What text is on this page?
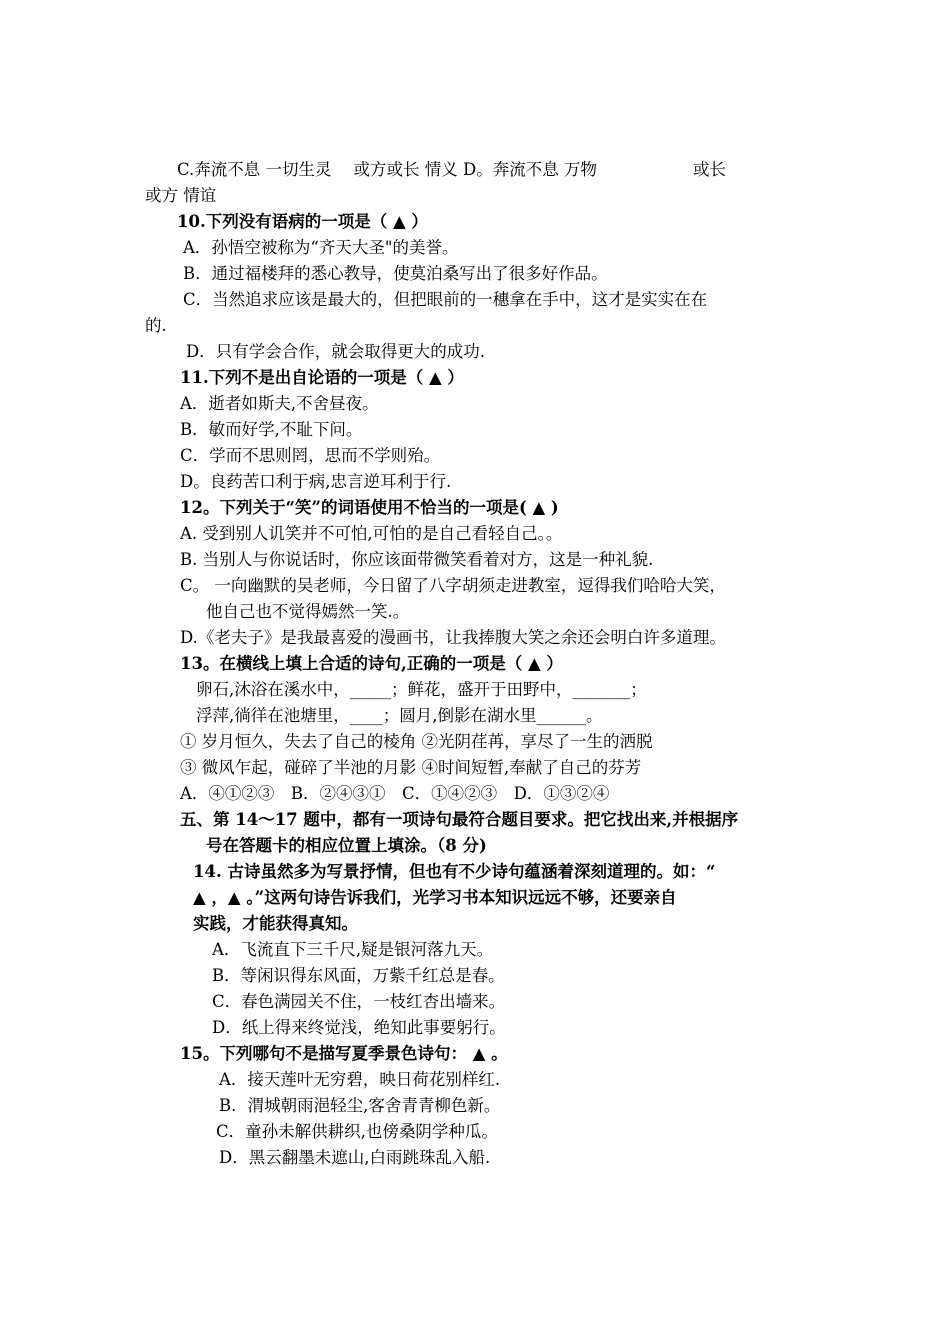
C.奔流不息 一切生灵 或方或长 情义 D。奔流不息 万物	或长
或方 情谊
10.下列没有语病的一项是（ ▲ ）
A．孙悟空被称为“齐天大圣"的美誉。
B．通过福楼拜的悉心教导，使莫泊桑写出了很多好作品。
C．当然追求应该是最大的，但把眼前的一穗拿在手中，这才是实实在在
的.
D．只有学会合作，就会取得更大的成功.
11.下列不是出自论语的一项是（ ▲ ）
A．逝者如斯夫,不舍昼夜。
B．敏而好学,不耻下问。
C．学而不思则罔，思而不学则殆。
D。良药苦口利于病,忠言逆耳利于行.
12。下列关于“笑”的词语使用不恰当的一项是( ▲ )
A. 受到别人讥笑并不可怕,可怕的是自己看轻自己。。
B. 当别人与你说话时，你应该面带微笑看着对方，这是一种礼貌.
C。 一向幽默的吴老师，今日留了八字胡须走进教室，逗得我们哈哈大笑，
他自己也不觉得嫣然一笑.。
D.《老夫子》是我最喜爱的漫画书，让我捧腹大笑之余还会明白许多道理。
13。在横线上填上合适的诗句,正确的一项是（ ▲ ）
卵石,沐浴在溪水中，_____；鲜花，盛开于田野中，_______；
浮萍,徜徉在池塘里，____；圆月,倒影在湖水里______。
① 岁月恒久，失去了自己的棱角 ②光阴荏苒，享尽了一生的洒脱
③ 微风乍起，碰碎了半池的月影 ④时间短暂,奉献了自己的芬芳
A．④①②③　B．②④③①　C．①④②③　D．①③②④
五、第 14～17 题中，都有一项诗句最符合题目要求。把它找出来,并根据序
号在答题卡的相应位置上填涂。（8 分)
14. 古诗虽然多为写景抒情，但也有不少诗句蕴涵着深刻道理的。如：“
▲ ，▲ 。”这两句诗告诉我们，光学习书本知识远远不够，还要亲自
实践，才能获得真知。
A．飞流直下三千尺,疑是银河落九天。
B．等闲识得东风面，万紫千红总是春。
C．春色满园关不住，一枝红杏出墙来。
D．纸上得来终觉浅，绝知此事要躬行。
15。下列哪句不是描写夏季景色诗句： ▲ 。
A．接天莲叶无穷碧，映日荷花别样红.
B．渭城朝雨浥轻尘,客舍青青柳色新。
C．童孙未解供耕织,也傍桑阴学种瓜。
D．黑云翻墨未遮山,白雨跳珠乱入船.
